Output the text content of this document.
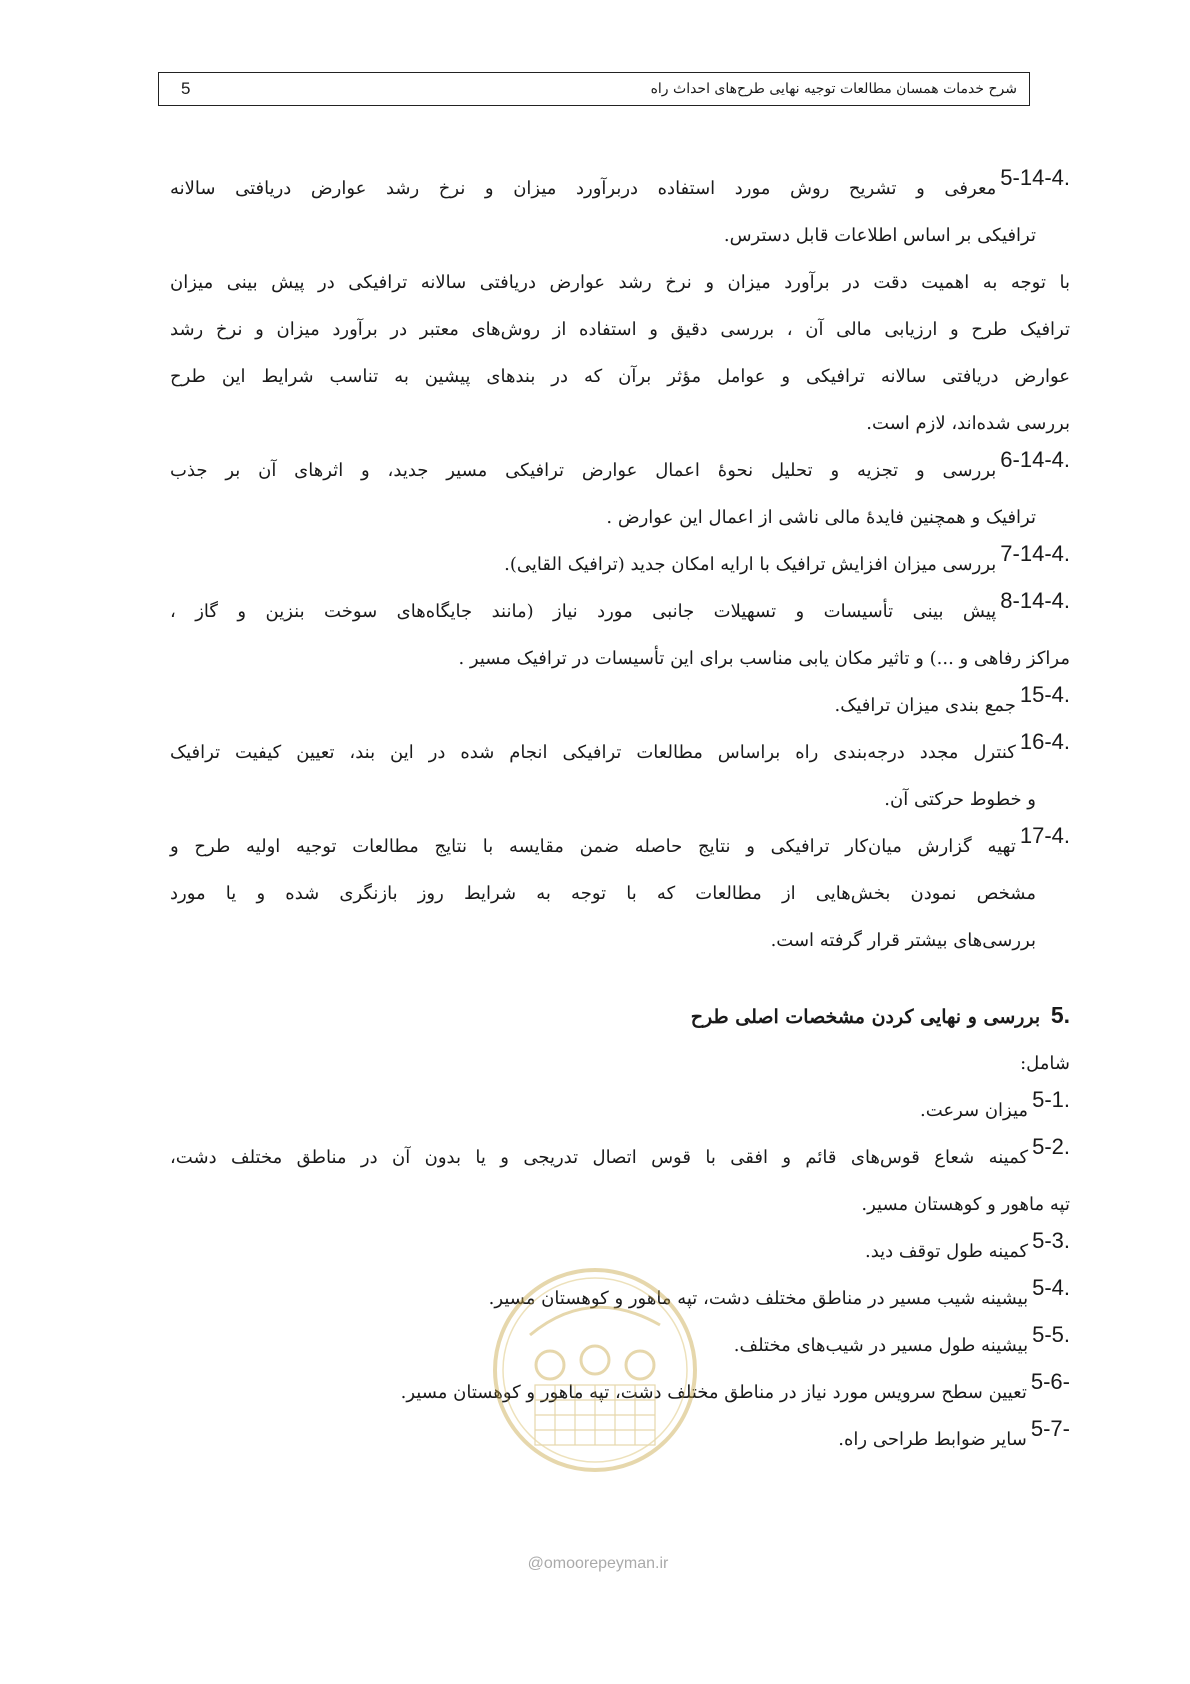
5	شرح خدمات همسان مطالعات توجیه نهایی طرح‌های احداث راه
5-14-4.
معرفی و تشریح روش مورد استفاده دربرآورد میزان و نرخ رشد عوارض دریافتی سالانه
ترافیکی بر اساس اطلاعات قابل دسترس.
با توجه به اهمیت دقت در برآورد میزان و نرخ رشد عوارض دریافتی سالانه ترافیکی در پیش بینی میزان
ترافیک طرح و ارزیابی مالی آن ، بررسی دقیق و استفاده از روش‌های معتبر در برآورد میزان و نرخ رشد
عوارض دریافتی سالانه ترافیکی و عوامل مؤثر برآن که در بندهای پیشین به تناسب شرایط این طرح
بررسی شده‌اند، لازم است.
6-14-4.
بررسی و تجزیه و تحلیل نحوهٔ اعمال عوارض ترافیکی مسیر جدید، و اثرهای آن بر جذب
ترافیک و همچنین فایدهٔ مالی ناشی از اعمال این عوارض .
7-14-4.
بررسی میزان افزایش ترافیک با ارایه امکان جدید (ترافیک القایی).
8-14-4.
پیش بینی تأسیسات و تسهیلات جانبی مورد نیاز (مانند جایگاه‌های سوخت بنزین و گاز ،
مراکز رفاهی و ...) و تاثیر مکان یابی مناسب برای این تأسیسات در ترافیک مسیر .
15-4.
جمع بندی میزان ترافیک.
16-4.
کنترل مجدد درجه‌بندی راه براساس مطالعات ترافیکی انجام شده در این بند، تعیین کیفیت ترافیک
و خطوط حرکتی آن.
17-4.
تهیه گزارش میان‌کار ترافیکی و نتایج حاصله ضمن مقایسه با نتایج مطالعات توجیه اولیه طرح و
مشخص نمودن بخش‌هایی از مطالعات که با توجه به شرایط روز بازنگری شده و یا مورد
بررسی‌های بیشتر قرار گرفته است.
5. بررسی و نهایی کردن مشخصات اصلی طرح
شامل:
5-1.
میزان سرعت.
5-2.
کمینه شعاع قوس‌های قائم و افقی با قوس اتصال تدریجی و یا بدون آن در مناطق مختلف دشت،
تپه ماهور و کوهستان مسیر.
5-3.
کمینه طول توقف دید.
5-4.
بیشینه شیب مسیر در مناطق مختلف دشت، تپه ماهور و کوهستان مسیر.
5-5.
بیشینه طول مسیر در شیب‌های مختلف.
5-6-
تعیین سطح سرویس مورد نیاز در مناطق مختلف دشت، تپه ماهور و کوهستان مسیر.
5-7-
سایر ضوابط طراحی راه.
@omoorepeyman.ir
